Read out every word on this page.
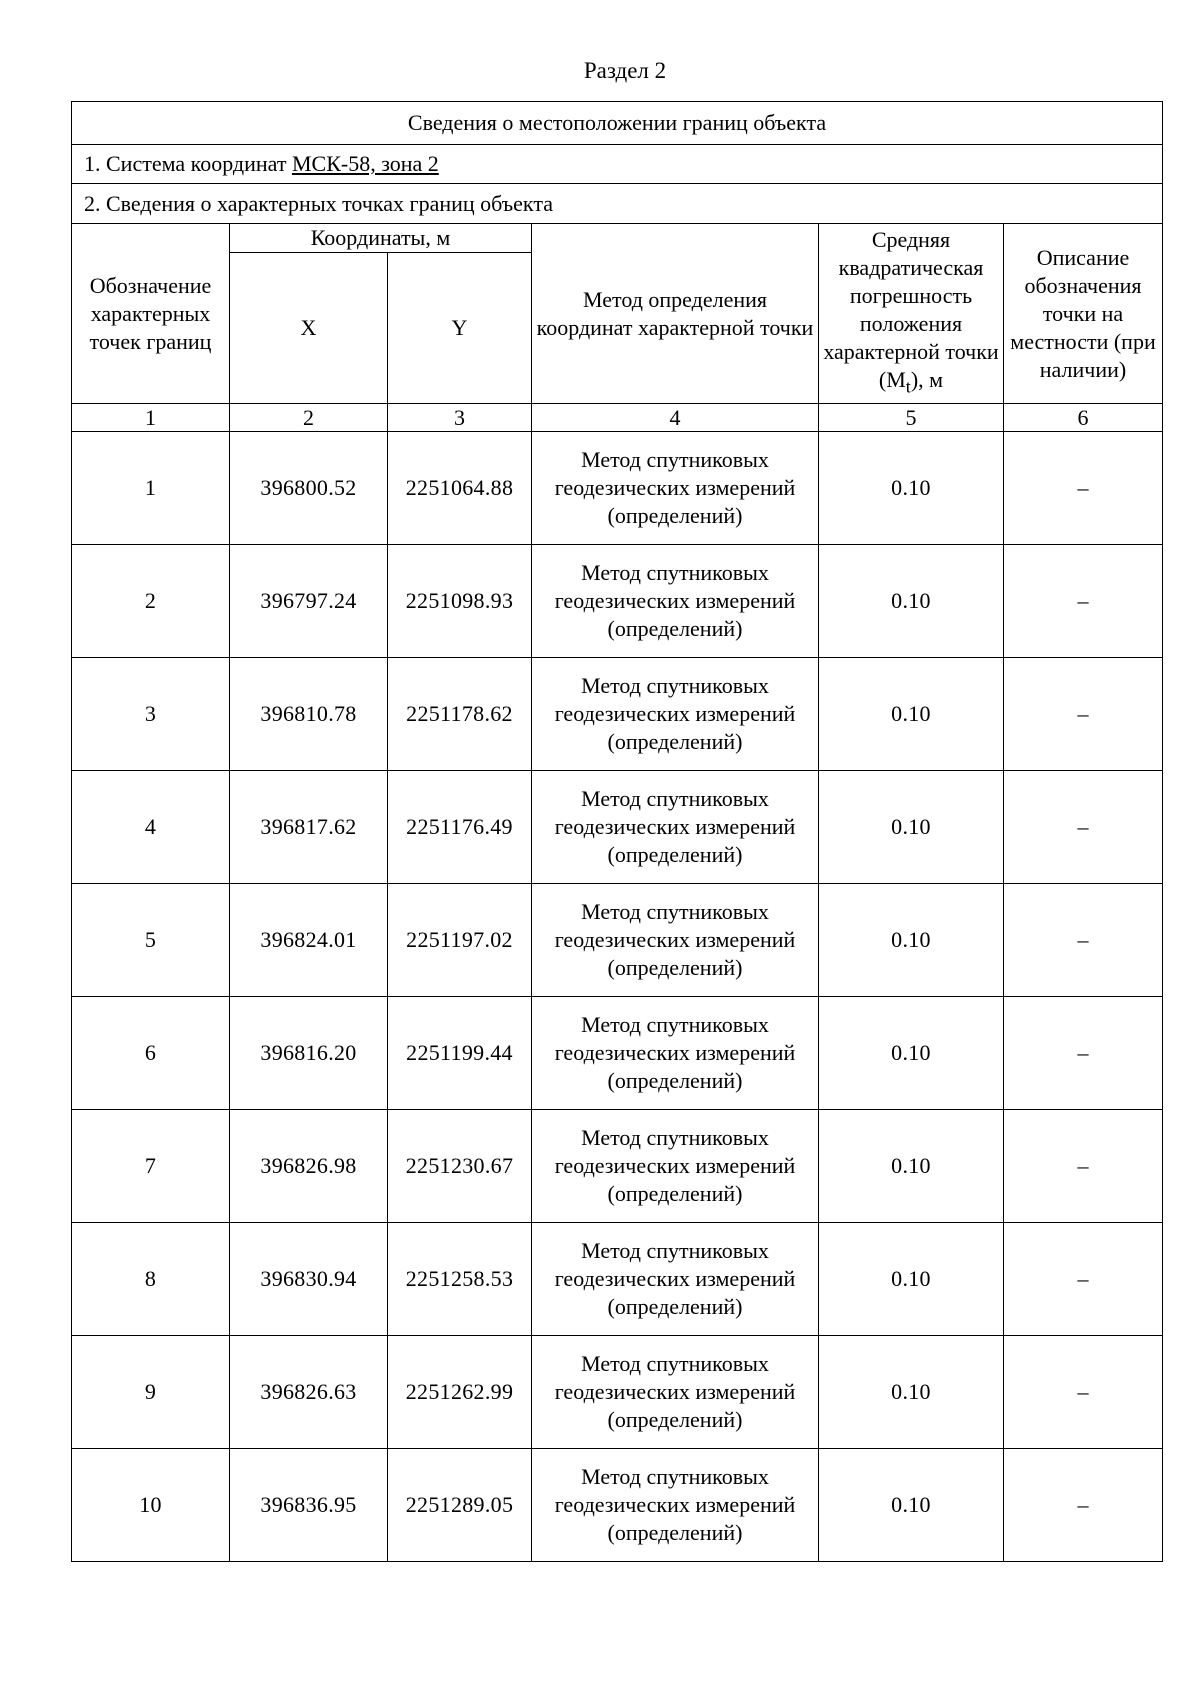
Раздел 2
Сведения о местоположении границ объекта					
1. Система координат МСК-58, зона 2					
2. Сведения о характерных точках границ объекта					
Обозначение характерных точек границ	Координаты, м		Метод определения координат характерной точки	Средняя квадратическая погрешность положения характерной точки $(M_t)$, м	Описание обозначения точки на местности (при наличии)
	X	Y			
1	2	3	4	5	6
1	396800.52	2251064.88	Метод спутниковых геодезических измерений (определений)	0.10	–
2	396797.24	2251098.93	Метод спутниковых геодезических измерений (определений)	0.10	–
3	396810.78	2251178.62	Метод спутниковых геодезических измерений (определений)	0.10	–
4	396817.62	2251176.49	Метод спутниковых геодезических измерений (определений)	0.10	–
5	396824.01	2251197.02	Метод спутниковых геодезических измерений (определений)	0.10	–
6	396816.20	2251199.44	Метод спутниковых геодезических измерений (определений)	0.10	–
7	396826.98	2251230.67	Метод спутниковых геодезических измерений (определений)	0.10	–
8	396830.94	2251258.53	Метод спутниковых геодезических измерений (определений)	0.10	–
9	396826.63	2251262.99	Метод спутниковых геодезических измерений (определений)	0.10	–
10	396836.95	2251289.05	Метод спутниковых геодезических измерений (определений)	0.10	–
